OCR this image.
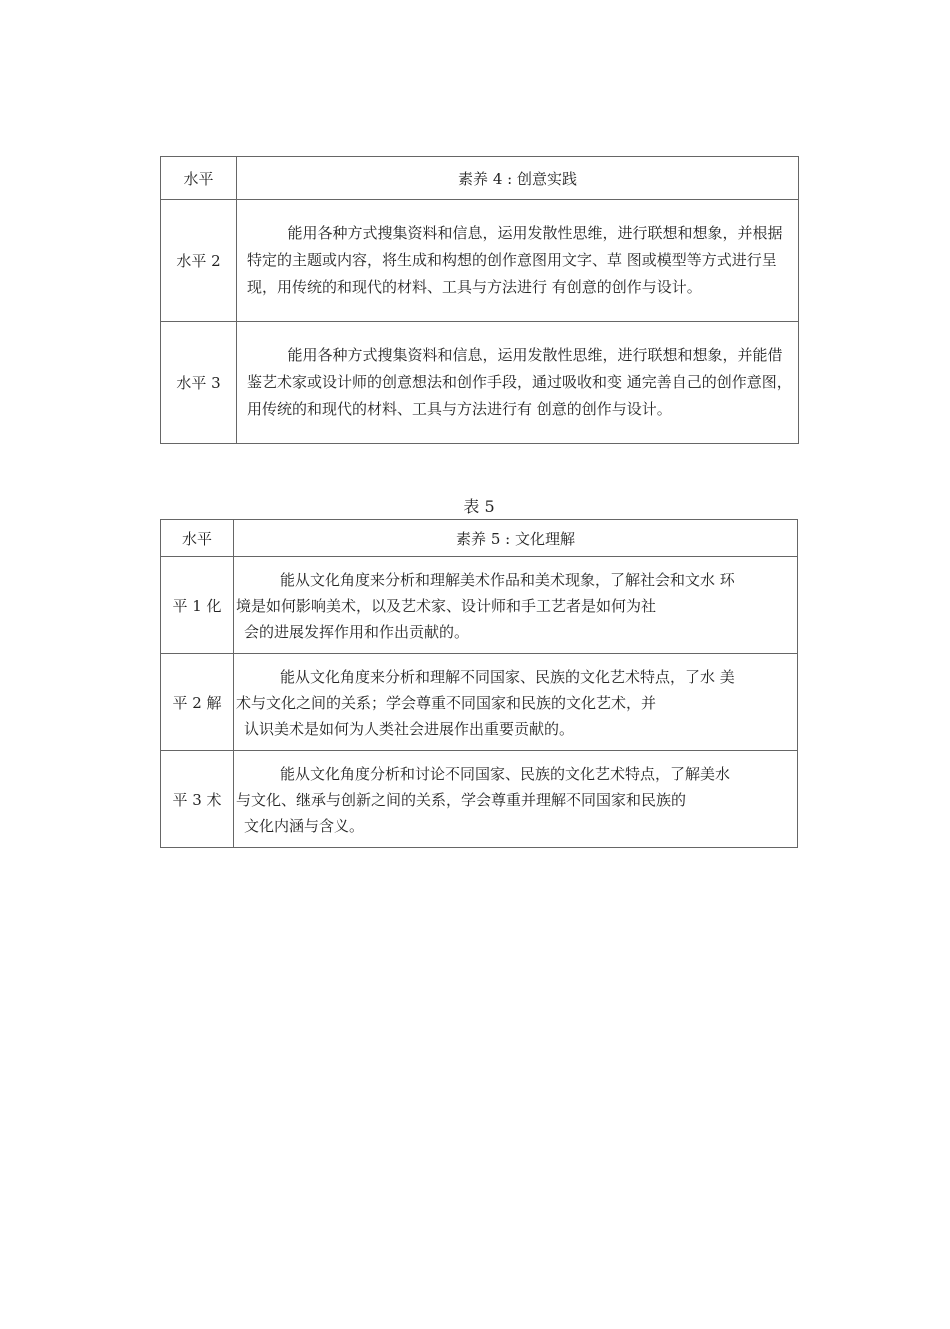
水平	素养 4 : 创意实践
水平 2	能用各种方式搜集资料和信息，运用发散性思维，进行联想和想象，并根据特定的主题或内容，将生成和构想的创作意图用文字、草 图或模型等方式进行呈现，用传统的和现代的材料、工具与方法进行 有创意的创作与设计。

水平 3	能用各种方式搜集资料和信息，运用发散性思维，进行联想和想象，并能借鉴艺术家或设计师的创意想法和创作手段，通过吸收和变 通完善自己的创作意图，用传统的和现代的材料、工具与方法进行有 创意的创作与设计。
表 5
水平	素养 5 : 文化理解
平 1 化	能从文化角度来分析和理解美术作品和美术现象，了解社会和文水 环
境是如何影响美术，以及艺术家、设计师和手工艺者是如何为社
会的进展发挥作用和作出贡献的。

平 2 解	能从文化角度来分析和理解不同国家、民族的文化艺术特点，了水 美
术与文化之间的关系；学会尊重不同国家和民族的文化艺术，并
认识美术是如何为人类社会进展作出重要贡献的。

平 3 术	能从文化角度分析和讨论不同国家、民族的文化艺术特点，了解美水
与文化、继承与创新之间的关系，学会尊重并理解不同国家和民族的
文化内涵与含义。
